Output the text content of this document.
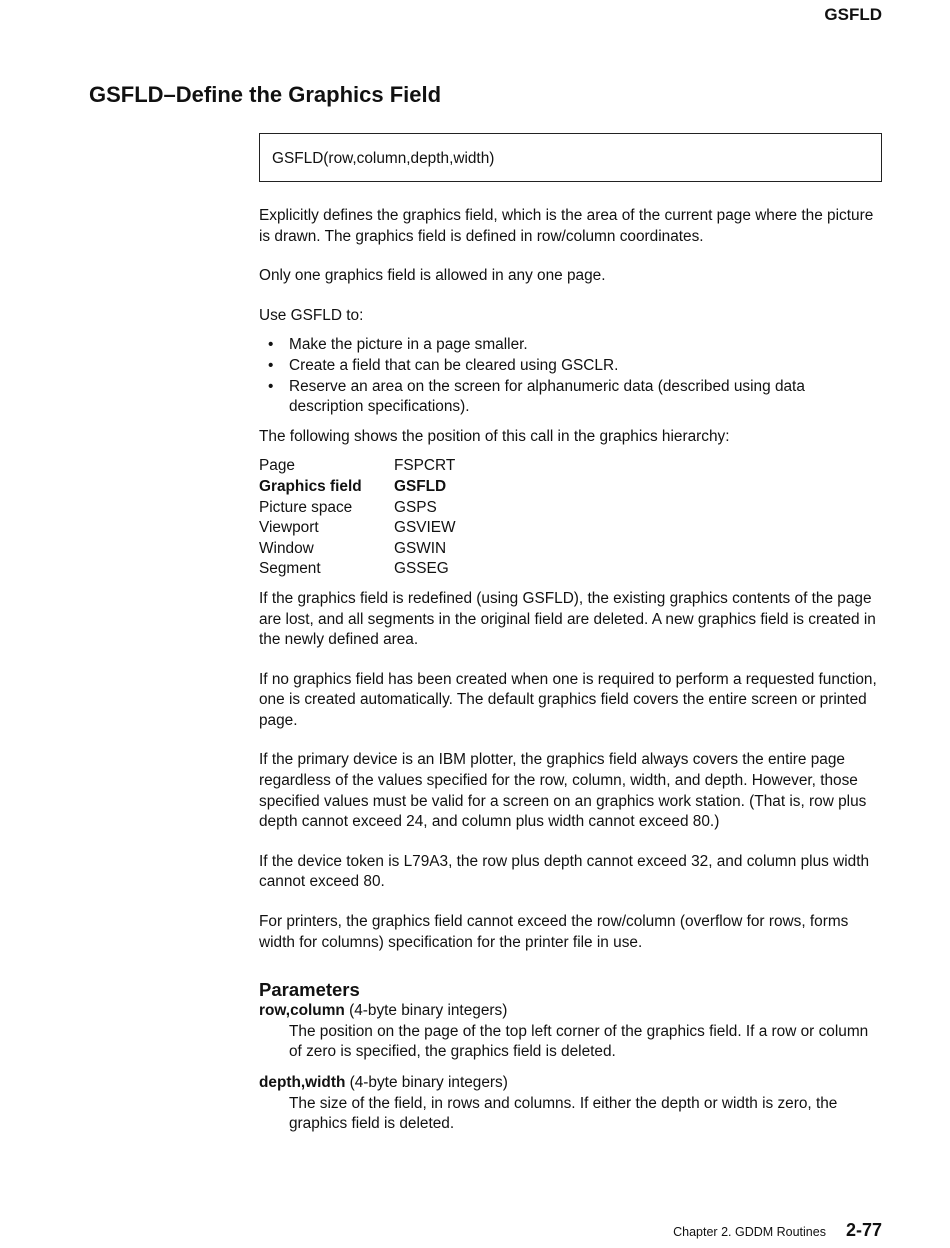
GSFLD
GSFLD–Define the Graphics Field
GSFLD(row,column,depth,width)

Explicitly defines the graphics field, which is the area of the current page where the picture is drawn. The graphics field is defined in row/column coordinates.

Only one graphics field is allowed in any one page.

Use GSFLD to:

• Make the picture in a page smaller.
• Create a field that can be cleared using GSCLR.
• Reserve an area on the screen for alphanumeric data (described using data description specifications).

The following shows the position of this call in the graphics hierarchy:

Page	FSPCRT
Graphics field	GSFLD
Picture space	GSPS
Viewport	GSVIEW
Window	GSWIN
Segment	GSSEG

If the graphics field is redefined (using GSFLD), the existing graphics contents of the page are lost, and all segments in the original field are deleted. A new graphics field is created in the newly defined area.

If no graphics field has been created when one is required to perform a requested function, one is created automatically. The default graphics field covers the entire screen or printed page.

If the primary device is an IBM plotter, the graphics field always covers the entire page regardless of the values specified for the row, column, width, and depth. However, those specified values must be valid for a screen on an graphics work station. (That is, row plus depth cannot exceed 24, and column plus width cannot exceed 80.)

If the device token is L79A3, the row plus depth cannot exceed 32, and column plus width cannot exceed 80.

For printers, the graphics field cannot exceed the row/column (overflow for rows, forms width for columns) specification for the printer file in use.

Parameters
row,column (4-byte binary integers)
The position on the page of the top left corner of the graphics field. If a row or column of zero is specified, the graphics field is deleted.
depth,width (4-byte binary integers)
The size of the field, in rows and columns. If either the depth or width is zero, the graphics field is deleted.
Chapter 2. GDDM Routines 2-77
